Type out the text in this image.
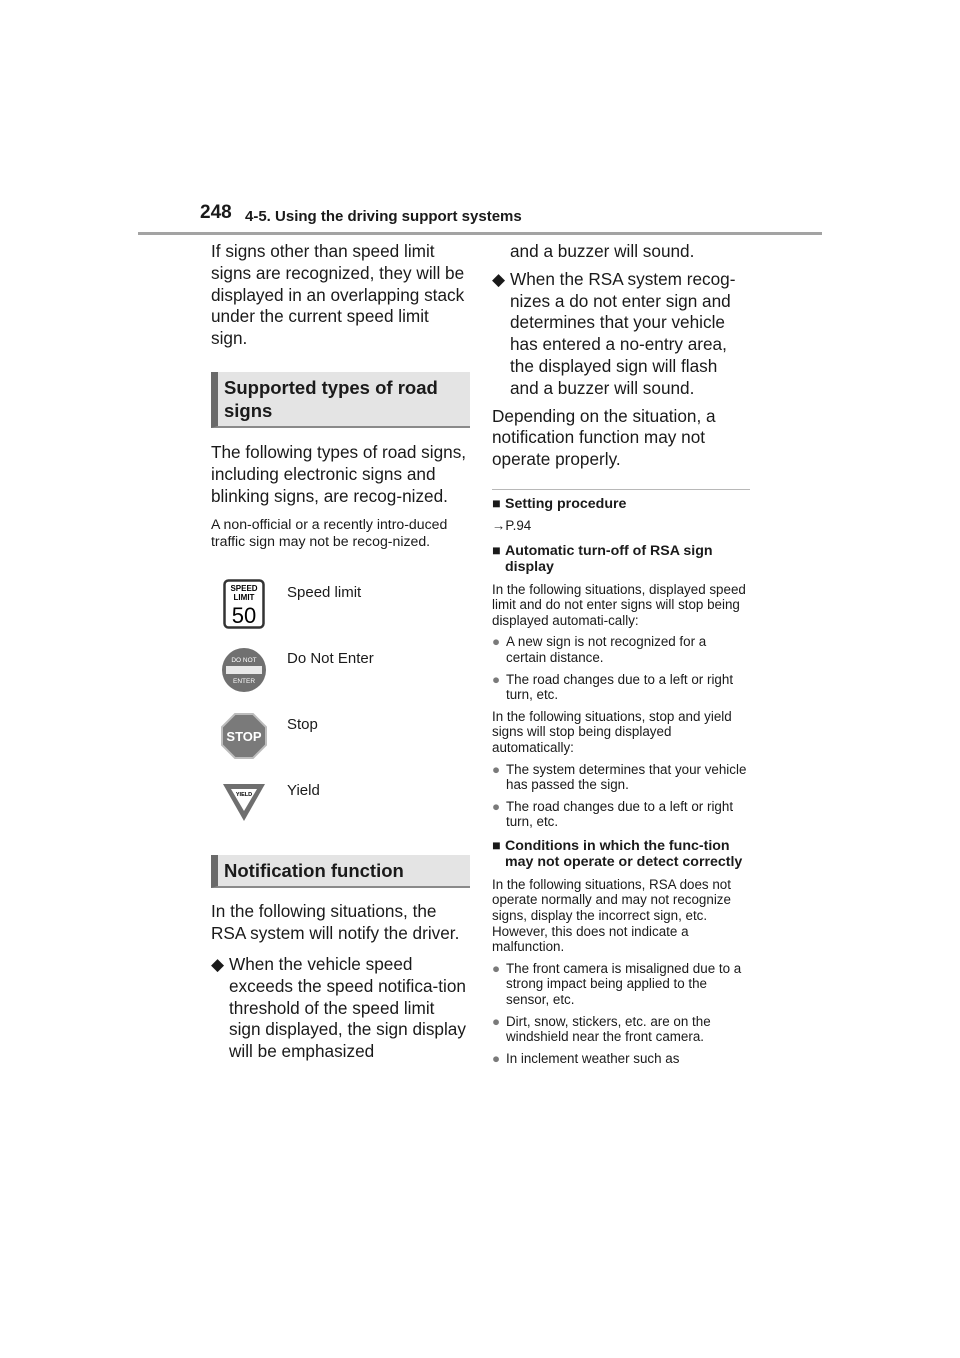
248 4-5. Using the driving support systems

If signs other than speed limit signs are recognized, they will be displayed in an overlapping stack under the current speed limit sign.

Supported types of road signs

The following types of road signs, including electronic signs and blinking signs, are recog-nized.

A non-official or a recently intro-duced traffic sign may not be recog-nized.

SPEED
LIMIT
50
Speed limit
DO NOT
ENTER
Do Not Enter
STOP
Stop
YIELD Yield
Notification function

In the following situations, the RSA system will notify the driver.

◆ When the vehicle speed exceeds the speed notifica-tion threshold of the speed limit sign displayed, the sign display will be emphasized
and a buzzer will sound.
◆ When the RSA system recog-nizes a do not enter sign and determines that your vehicle has entered a no-entry area, the displayed sign will flash and a buzzer will sound.

Depending on the situation, a notification function may not operate properly.

■ Setting procedure
→P.94
■ Automatic turn-off of RSA sign display

In the following situations, displayed speed limit and do not enter signs will stop being displayed automati-cally:

● A new sign is not recognized for a certain distance.
● The road changes due to a left or right turn, etc.

In the following situations, stop and yield signs will stop being displayed automatically:

● The system determines that your vehicle has passed the sign.
● The road changes due to a left or right turn, etc.
■ Conditions in which the func-tion may not operate or detect correctly

In the following situations, RSA does not operate normally and may not recognize signs, display the incorrect sign, etc. However, this does not indicate a malfunction.

● The front camera is misaligned due to a strong impact being applied to the sensor, etc.
● Dirt, snow, stickers, etc. are on the windshield near the front camera.
● In inclement weather such as
